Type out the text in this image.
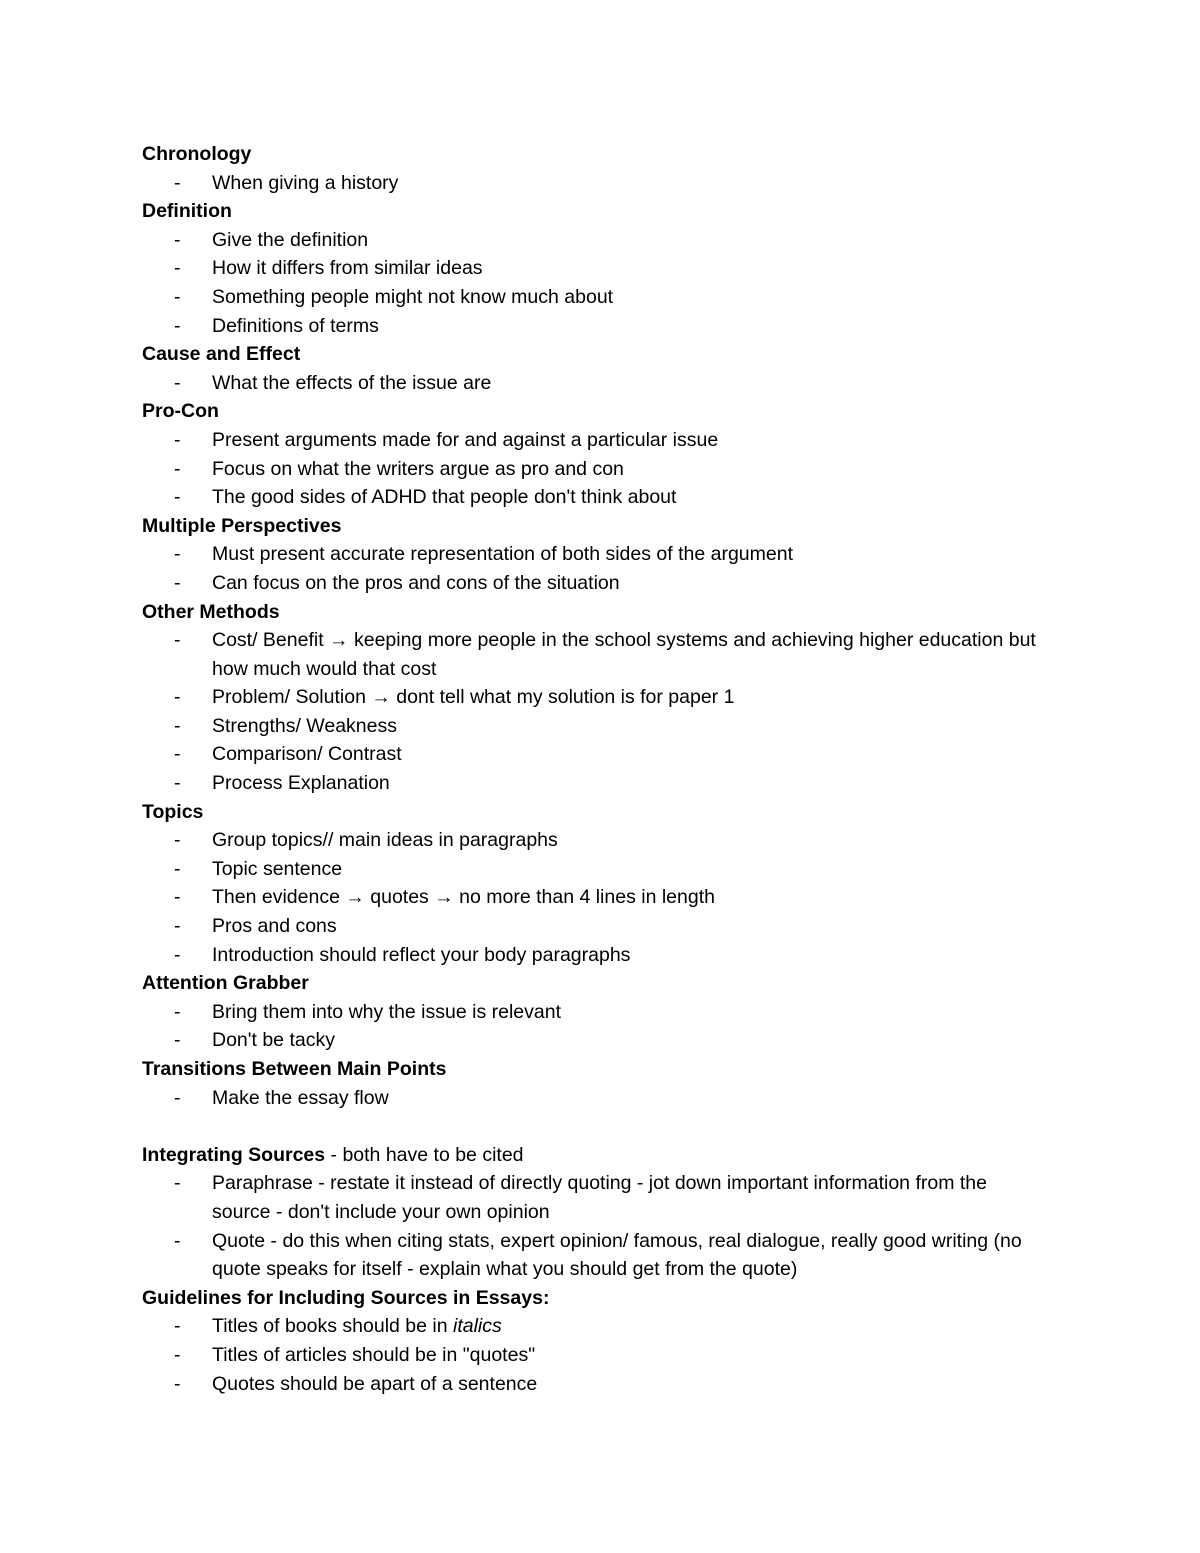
Chronology
- When giving a history
Definition
- Give the definition
- How it differs from similar ideas
- Something people might not know much about
- Definitions of terms
Cause and Effect
- What the effects of the issue are
Pro-Con
- Present arguments made for and against a particular issue
- Focus on what the writers argue as pro and con
- The good sides of ADHD that people don't think about
Multiple Perspectives
- Must present accurate representation of both sides of the argument
- Can focus on the pros and cons of the situation
Other Methods
- Cost/ Benefit → keeping more people in the school systems and achieving higher education but how much would that cost
- Problem/ Solution → dont tell what my solution is for paper 1
- Strengths/ Weakness
- Comparison/ Contrast
- Process Explanation
Topics
- Group topics// main ideas in paragraphs
- Topic sentence
- Then evidence → quotes → no more than 4 lines in length
- Pros and cons
- Introduction should reflect your body paragraphs
Attention Grabber
- Bring them into why the issue is relevant
- Don't be tacky
Transitions Between Main Points
- Make the essay flow
Integrating Sources - both have to be cited
- Paraphrase - restate it instead of directly quoting - jot down important information from the source - don't include your own opinion
- Quote - do this when citing stats, expert opinion/ famous, real dialogue, really good writing (no quote speaks for itself - explain what you should get from the quote)
Guidelines for Including Sources in Essays:
- Titles of books should be in italics
- Titles of articles should be in "quotes"
- Quotes should be apart of a sentence
